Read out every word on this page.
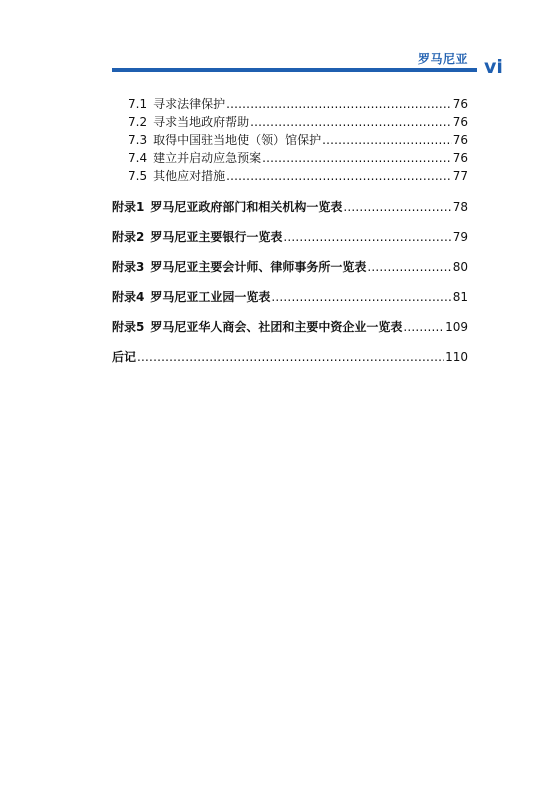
罗马尼亚 vi
7.1 寻求法律保护 .....	76
7.2 寻求当地政府帮助 .....	76
7.3 取得中国驻当地使（领）馆保护 .....	76
7.4 建立并启动应急预案 .....	76
7.5 其他应对措施 .....	77
附录1 罗马尼亚政府部门和相关机构一览表 .....	78
附录2 罗马尼亚主要银行一览表 .....	79
附录3 罗马尼亚主要会计师、律师事务所一览表 .....	80
附录4 罗马尼亚工业园一览表 .....	81
附录5 罗马尼亚华人商会、社团和主要中资企业一览表 .....	109
后记 .....	110
